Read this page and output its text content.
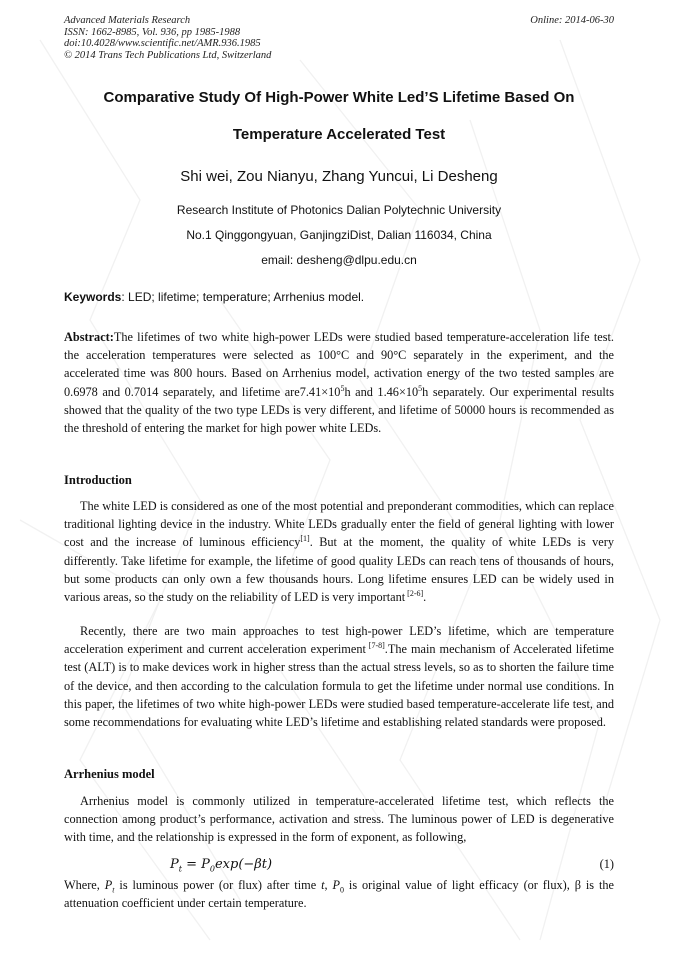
Advanced Materials Research
ISSN: 1662-8985, Vol. 936, pp 1985-1988
doi:10.4028/www.scientific.net/AMR.936.1985
© 2014 Trans Tech Publications Ltd, Switzerland
Online: 2014-06-30
Comparative Study Of High-Power White Led’S Lifetime Based On
Temperature Accelerated Test
Shi wei, Zou Nianyu, Zhang Yuncui, Li Desheng
Research Institute of Photonics Dalian Polytechnic University
No.1 Qinggongyuan, GanjingziDist, Dalian 116034, China
email: desheng@dlpu.edu.cn
Keywords: LED; lifetime; temperature; Arrhenius model.

Abstract:The lifetimes of two white high-power LEDs were studied based temperature-acceleration life test. the acceleration temperatures were selected as 100°C and 90°C separately in the experiment, and the accelerated time was 800 hours. Based on Arrhenius model, activation energy of the two tested samples are 0.6978 and 0.7014 separately, and lifetime $are7.41\times 10^5h$ and $1.46\times 10^5h$ separately. Our experimental results showed that the quality of the two type LEDs is very different, and lifetime of 50000 hours is recommended as the threshold of entering the market for high power white LEDs.

Introduction

The white LED is considered as one of the most potential and preponderant commodities, which can replace traditional lighting device in the industry. White LEDs gradually enter the field of general lighting with lower cost and the increase of luminous efficiency[1]. But at the moment, the quality of white LEDs is very differently. Take lifetime for example, the lifetime of good quality LEDs can reach tens of thousands of hours, but some products can only own a few thousands hours. Long lifetime ensures LED can be widely used in various areas, so the study on the reliability of LED is very important [2-6].

Recently, there are two main approaches to test high-power LED’s lifetime, which are temperature acceleration experiment and current acceleration experiment [7-8].The main mechanism of Accelerated lifetime test (ALT) is to make devices work in higher stress than the actual stress levels, so as to shorten the failure time of the device, and then according to the calculation formula to get the lifetime under normal use conditions. In this paper, the lifetimes of two white high-power LEDs were studied based temperature-accelerate life test, and some recommendations for evaluating white LED’s lifetime and establishing related standards were proposed.

Arrhenius model

Arrhenius model is commonly utilized in temperature-accelerated lifetime test, which reflects the connection among product’s performance, activation and stress. The luminous power of LED is degenerative with time, and the relationship is expressed in the form of exponent, as following,

$P_t = P_0\exp(-\beta t)$	(1)

Where, $P_t$ is luminous power (or flux) after time t, $P_0$ is original value of light efficacy (or flux), β is the attenuation coefficient under certain temperature.
